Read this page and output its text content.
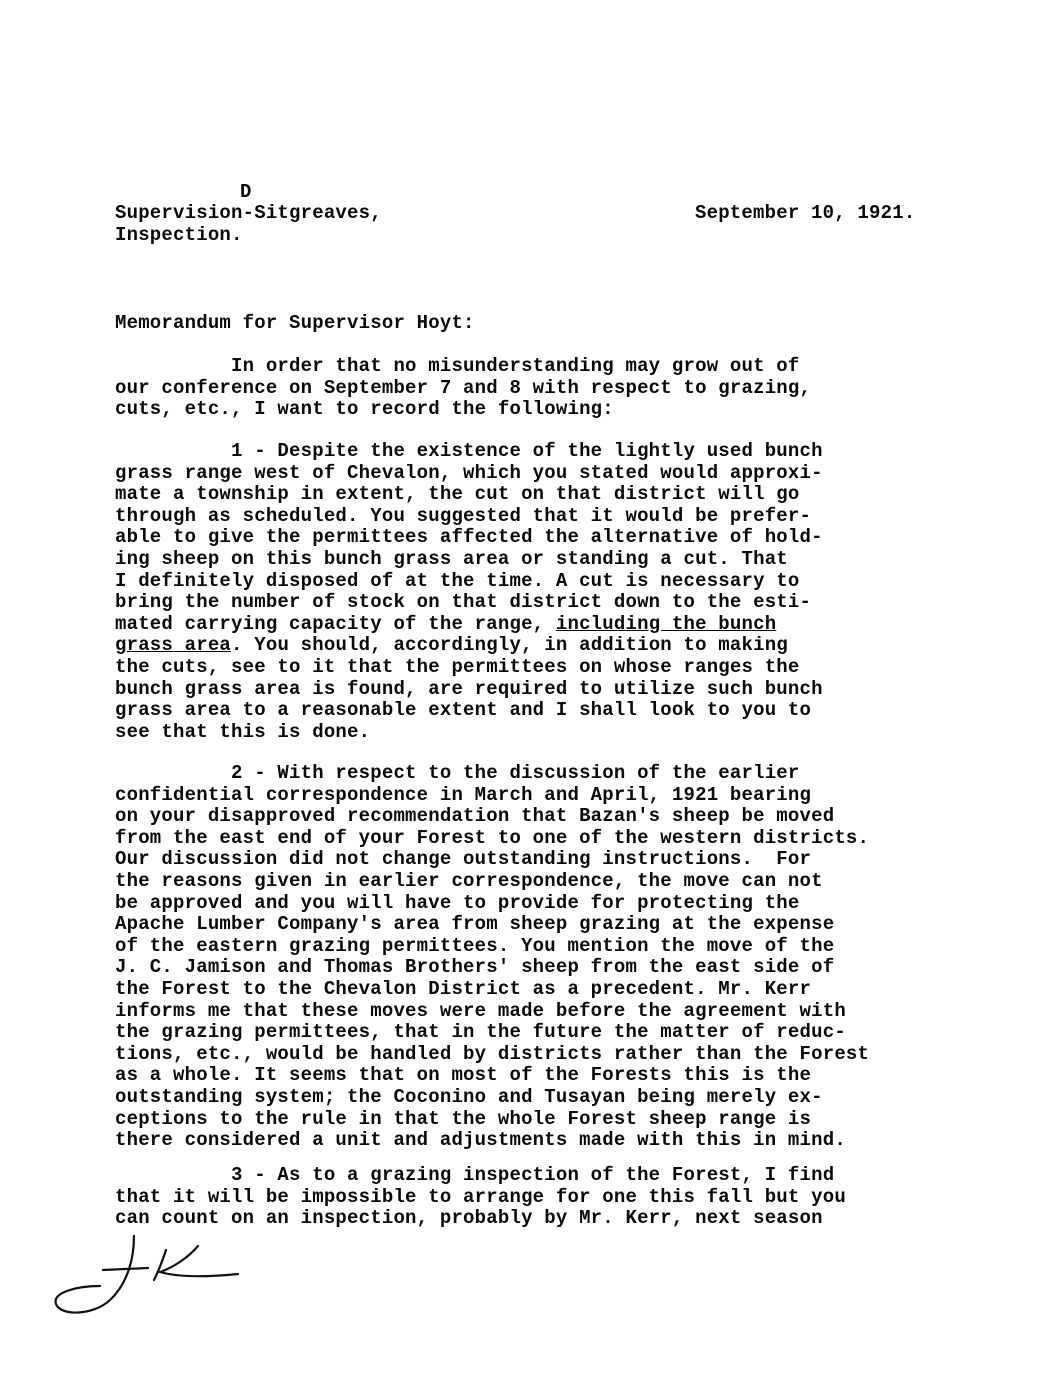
D
Supervision-Sitgreaves,
Inspection.
September 10, 1921.
Memorandum for Supervisor Hoyt:
In order that no misunderstanding may grow out of
our conference on September 7 and 8 with respect to grazing,
cuts, etc., I want to record the following:
1 - Despite the existence of the lightly used bunch
grass range west of Chevalon, which you stated would approxi-
mate a township in extent, the cut on that district will go
through as scheduled. You suggested that it would be prefer-
able to give the permittees affected the alternative of hold-
ing sheep on this bunch grass area or standing a cut. That
I definitely disposed of at the time. A cut is necessary to
bring the number of stock on that district down to the esti-
mated carrying capacity of the range, including the bunch
grass area. You should, accordingly, in addition to making
the cuts, see to it that the permittees on whose ranges the
bunch grass area is found, are required to utilize such bunch
grass area to a reasonable extent and I shall look to you to
see that this is done.
2 - With respect to the discussion of the earlier
confidential correspondence in March and April, 1921 bearing
on your disapproved recommendation that Bazan's sheep be moved
from the east end of your Forest to one of the western districts.
Our discussion did not change outstanding instructions.  For
the reasons given in earlier correspondence, the move can not
be approved and you will have to provide for protecting the
Apache Lumber Company's area from sheep grazing at the expense
of the eastern grazing permittees. You mention the move of the
J. C. Jamison and Thomas Brothers' sheep from the east side of
the Forest to the Chevalon District as a precedent. Mr. Kerr
informs me that these moves were made before the agreement with
the grazing permittees, that in the future the matter of reduc-
tions, etc., would be handled by districts rather than the Forest
as a whole. It seems that on most of the Forests this is the
outstanding system; the Coconino and Tusayan being merely ex-
ceptions to the rule in that the whole Forest sheep range is
there considered a unit and adjustments made with this in mind.
3 - As to a grazing inspection of the Forest, I find
that it will be impossible to arrange for one this fall but you
can count on an inspection, probably by Mr. Kerr, next season
